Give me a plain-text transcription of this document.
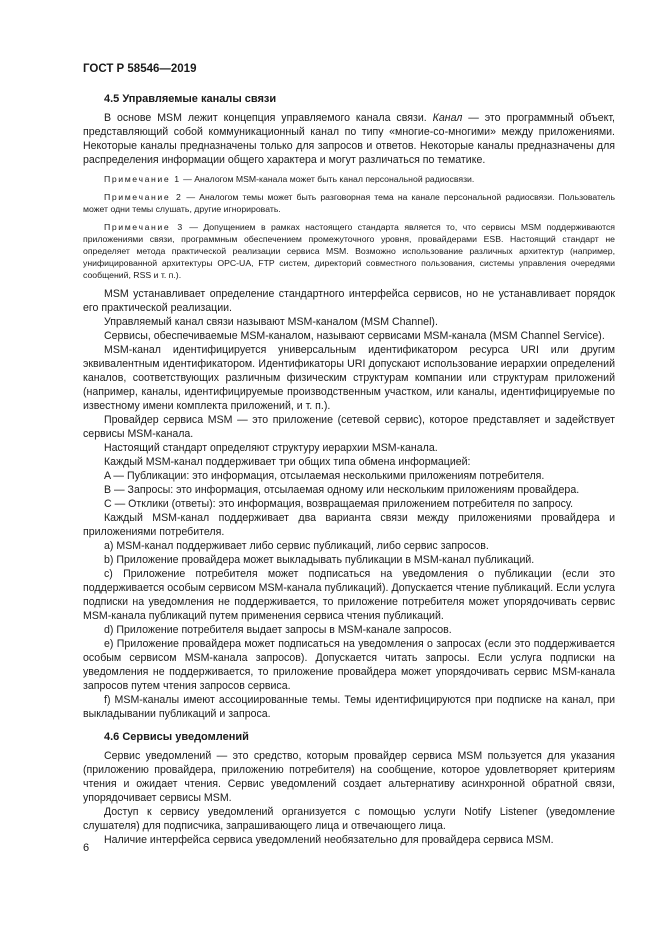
ГОСТ Р 58546—2019
4.5 Управляемые каналы связи

В основе MSM лежит концепция управляемого канала связи. Канал — это программный объект, представляющий собой коммуникационный канал по типу «многие-со-многими» между приложениями. Некоторые каналы предназначены только для запросов и ответов. Некоторые каналы предназначены для распределения информации общего характера и могут различаться по тематике.

Примечание 1 — Аналогом MSM-канала может быть канал персональной радиосвязи.

Примечание 2 — Аналогом темы может быть разговорная тема на канале персональной радиосвязи. Пользователь может одни темы слушать, другие игнорировать.

Примечание 3 — Допущением в рамках настоящего стандарта является то, что сервисы MSM поддерживаются приложениями связи, программным обеспечением промежуточного уровня, провайдерами ESB. Настоящий стандарт не определяет метода практической реализации сервиса MSM. Возможно использование различных архитектур (например, унифицированной архитектуры OPC-UA, FTP систем, директорий совместного пользования, системы управления очередями сообщений, RSS и т. п.).

MSM устанавливает определение стандартного интерфейса сервисов, но не устанавливает порядок его практической реализации.

Управляемый канал связи называют MSM-каналом (MSM Channel).

Сервисы, обеспечиваемые MSM-каналом, называют сервисами MSM-канала (MSM Channel Service).

MSM-канал идентифицируется универсальным идентификатором ресурса URI или другим эквивалентным идентификатором. Идентификаторы URI допускают использование иерархии определений каналов, соответствующих различным физическим структурам компании или структурам приложений (например, каналы, идентифицируемые производственным участком, или каналы, идентифицируемые по известному имени комплекта приложений, и т. п.).

Провайдер сервиса MSM — это приложение (сетевой сервис), которое представляет и задействует сервисы MSM-канала.

Настоящий стандарт определяют структуру иерархии MSM-канала.

Каждый MSM-канал поддерживает три общих типа обмена информацией:

A — Публикации: это информация, отсылаемая несколькими приложениям потребителя.

B — Запросы: это информация, отсылаемая одному или нескольким приложениям провайдера.

C — Отклики (ответы): это информация, возвращаемая приложением потребителя по запросу.

Каждый MSM-канал поддерживает два варианта связи между приложениями провайдера и приложениями потребителя.

a) MSM-канал поддерживает либо сервис публикаций, либо сервис запросов.

b) Приложение провайдера может выкладывать публикации в MSM-канал публикаций.

c) Приложение потребителя может подписаться на уведомления о публикации (если это поддерживается особым сервисом MSM-канала публикаций). Допускается чтение публикаций. Если услуга подписки на уведомления не поддерживается, то приложение потребителя может упорядочивать сервис MSM-канала публикаций путем применения сервиса чтения публикаций.

d) Приложение потребителя выдает запросы в MSM-канале запросов.

e) Приложение провайдера может подписаться на уведомления о запросах (если это поддерживается особым сервисом MSM-канала запросов). Допускается читать запросы. Если услуга подписки на уведомления не поддерживается, то приложение провайдера может упорядочивать сервис MSM-канала запросов путем чтения запросов сервиса.

f) MSM-каналы имеют ассоциированные темы. Темы идентифицируются при подписке на канал, при выкладывании публикаций и запроса.

4.6 Сервисы уведомлений

Сервис уведомлений — это средство, которым провайдер сервиса MSM пользуется для указания (приложению провайдера, приложению потребителя) на сообщение, которое удовлетворяет критериям чтения и ожидает чтения. Сервис уведомлений создает альтернативу асинхронной обратной связи, упорядочивает сервисы MSM.

Доступ к сервису уведомлений организуется с помощью услуги Notify Listener (уведомление слушателя) для подписчика, запрашивающего лица и отвечающего лица.

Наличие интерфейса сервиса уведомлений необязательно для провайдера сервиса MSM.

6
